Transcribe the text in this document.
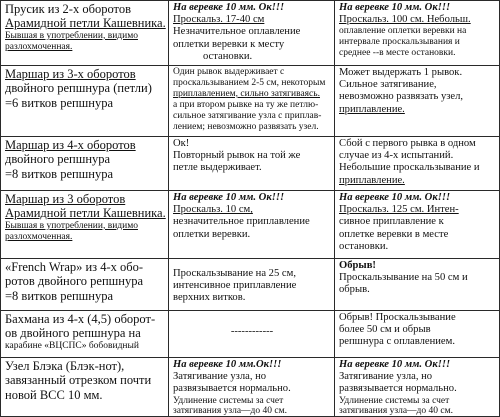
Прусик из 2-х оборотов
Арамидной петли Кашевника.
Бывшая в употреблении, видимо
разлохмоченная.
На веревке 10 мм. Ок!!!
Проскальз. 17-40 см
Незначительное оплавление
оплетки веревки к месту
остановки.
На веревке 10 мм. Ок!!!
Проскальз. 100 см. Небольш.
оплавление оплетки веревки на
интервале проскальзывания и
среднее --в месте остановки.
Маршар из 3-х оборотов
двойного репшнура (петли)
=6 витков репшнура
Один рывок выдерживает с
проскальзыванием 2-5 см, некоторым
приплавлением, сильно затягиваясь.
а при втором рывке на ту же петлю-
сильное затягивание узла с приплав-
лением; невозможно развязать узел.
Может выдержать 1 рывок.
Сильное затягивание,
невозможно развязать узел,
приплавление.
Маршар из 4-х оборотов
двойного репшнура
=8 витков репшнура
Ок!
Повторный рывок на той же
петле выдерживает.
Сбой с первого рывка в одном
случае из 4-х испытаний.
Небольшие проскальзывание и
приплавление.
Маршар из 3 оборотов
Арамидной петли Кашевника.
Бывшая в употреблении, видимо
разлохмоченная.
На веревке 10 мм. Ок!!!
Проскальз. 10 см,
незначительное приплавление
оплетки веревки.
На веревке 10 мм. Ок!!!
Проскальз. 125 см. Интен-
сивное приплавление к
оплетке веревки в месте
остановки.
«French Wrap» из 4-х обо-
ротов двойного репшнура
=8 витков репшнура
Проскальзывание на 25 см,
интенсивное приплавление
верхних витков.
Обрыв!
Проскальзывание на 50 см и
обрыв.
Бахмана из 4-х (4,5) оборот-
ов двойного репшнура на
карабине «ВЦСПС» бобовидный
------------
Обрыв! Проскальзывание
более 50 см и обрыв
репшнура с оплавлением.
Узел Блэка (Блэк-нот),
завязанный отрезком почти
новой ВСС 10 мм.
На веревке 10 мм.Ок!!!
Затягивание узла, но
развязывается нормально.
Удлинение системы за счет
затягивания узла—до 40 см.
На веревке 10 мм. Ок!!!
Затягивание узла, но
развязывается нормально.
Удлинение системы за счет
затягивания узла—до 40 см.
